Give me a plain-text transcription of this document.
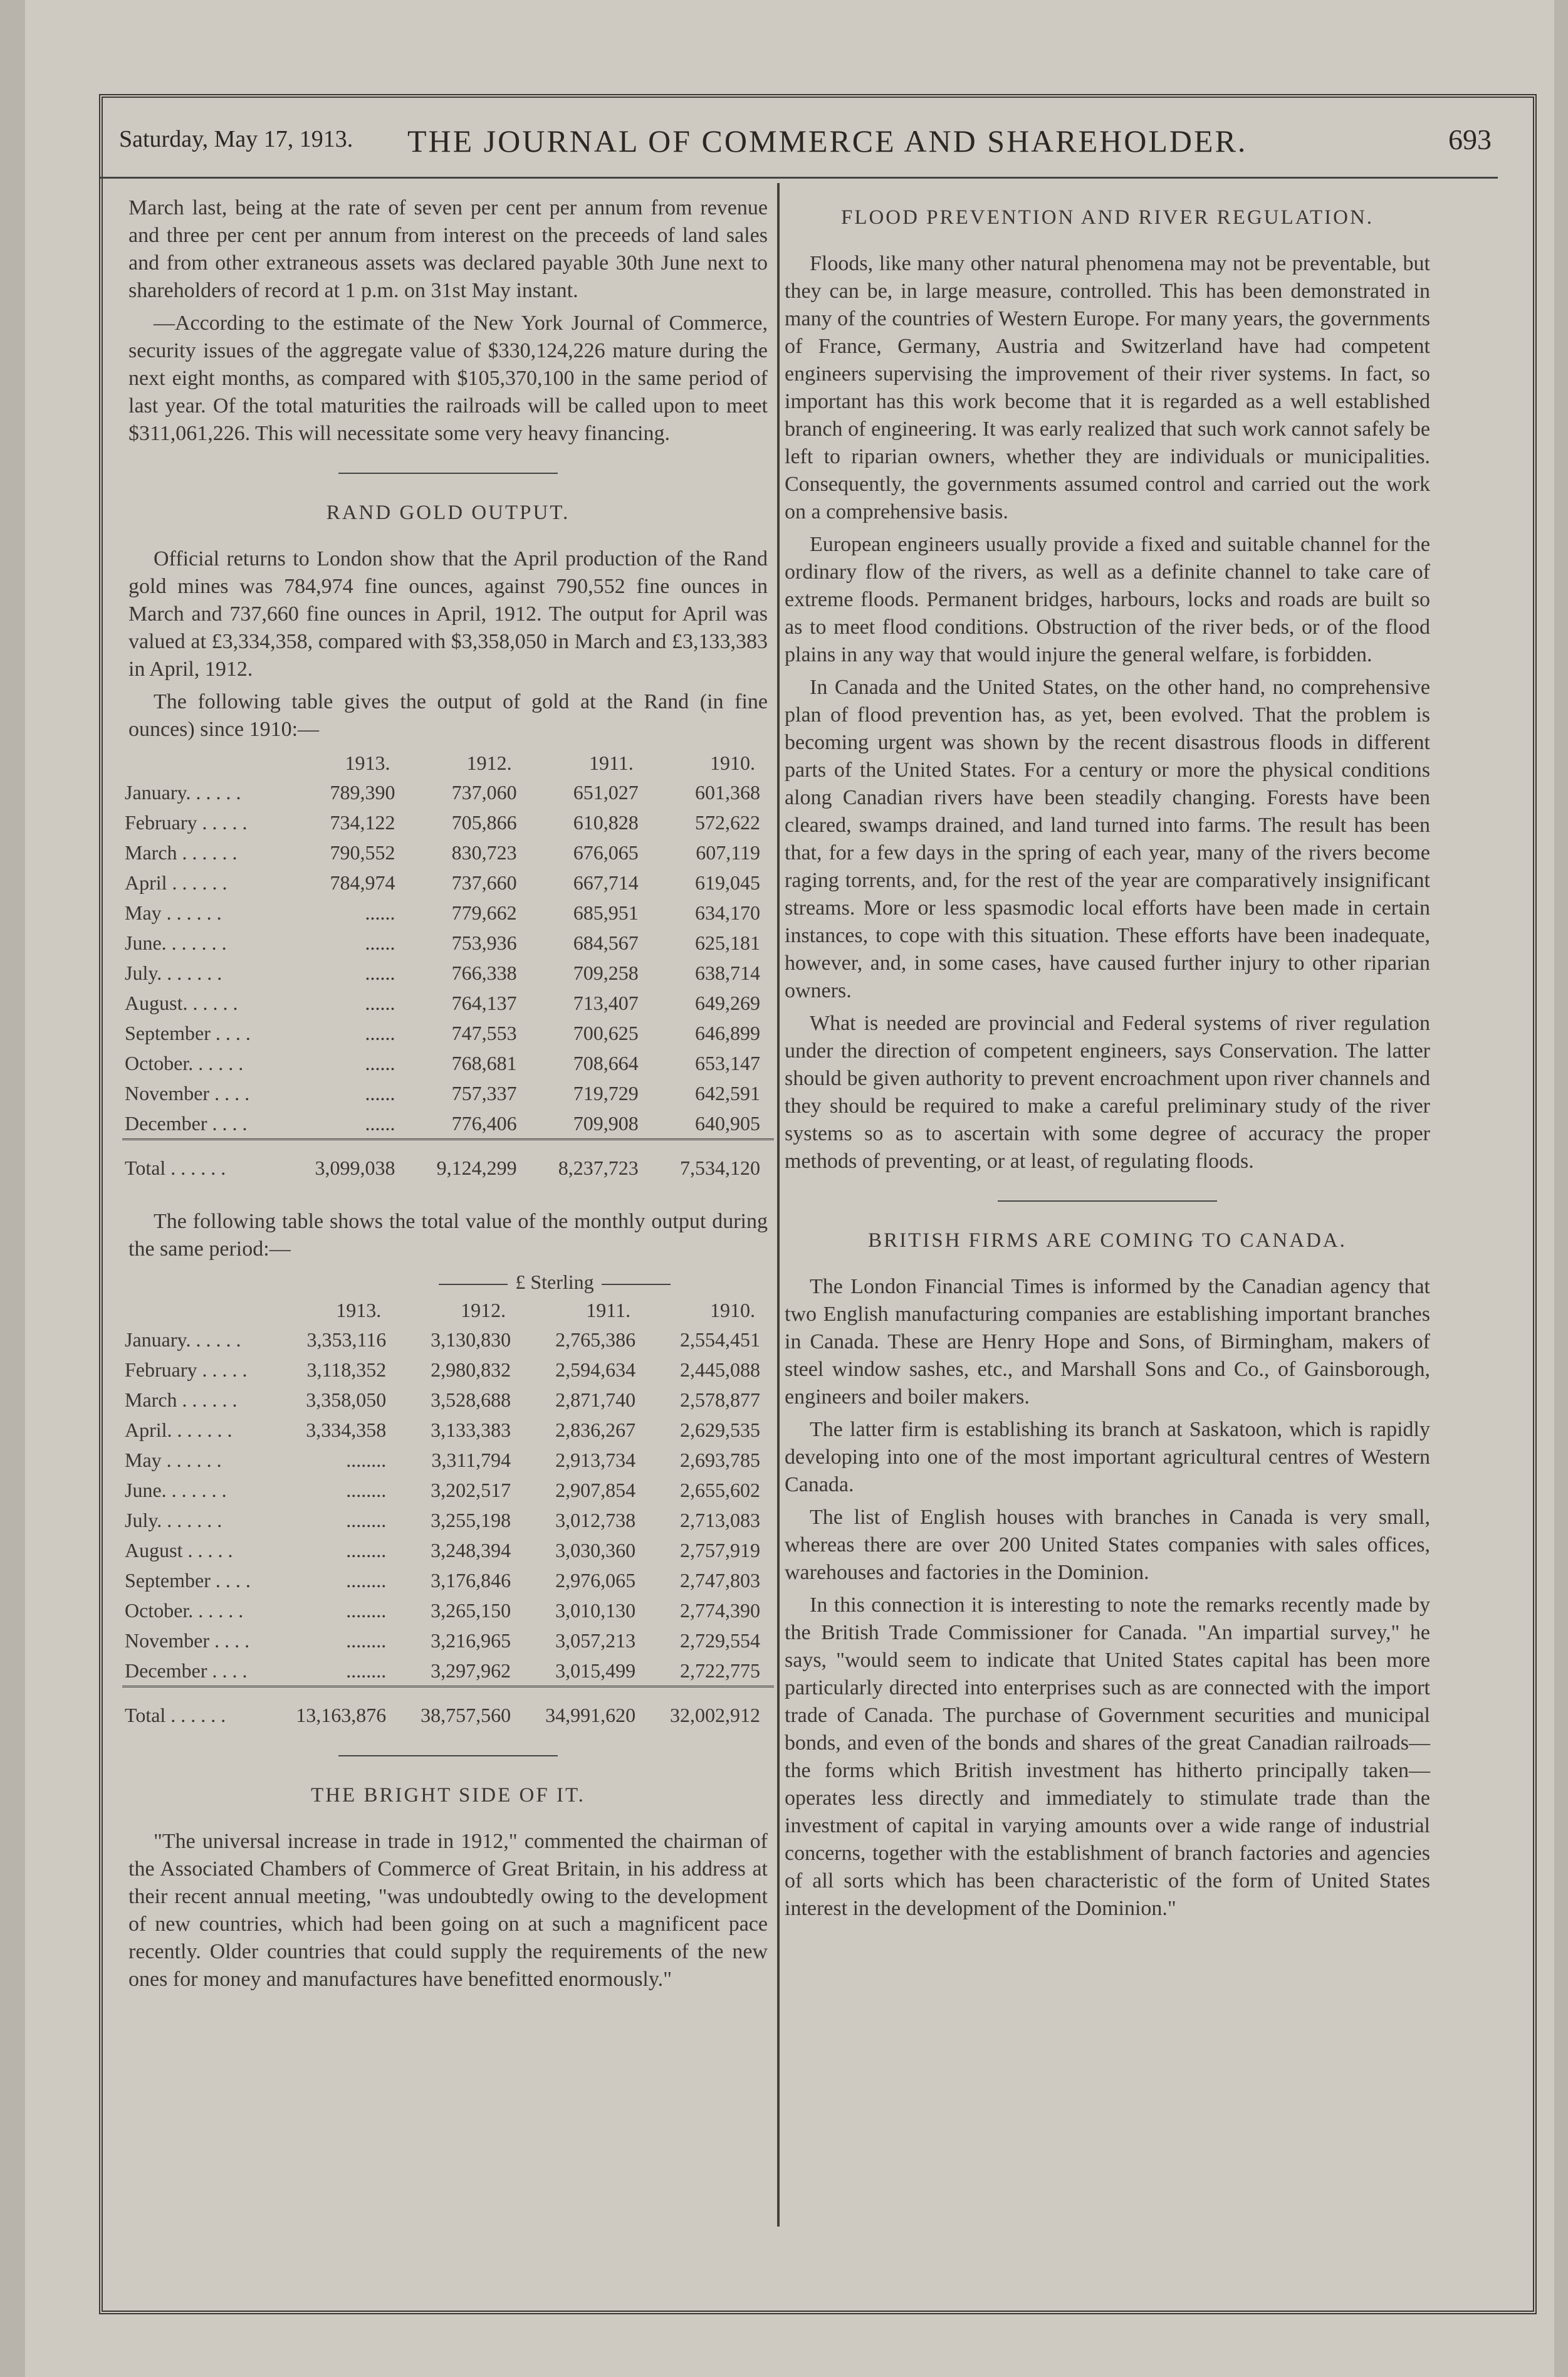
Saturday, May 17, 1913. THE JOURNAL OF COMMERCE AND SHAREHOLDER.	693

March last, being at the rate of seven per cent per annum from revenue and three per cent per annum from interest on the preceeds of land sales and from other extraneous assets was declared payable 30th June next to shareholders of record at 1 p.m. on 31st May instant.

—According to the estimate of the New York Journal of Commerce, security issues of the aggregate value of $330,124,226 mature during the next eight months, as compared with $105,370,100 in the same period of last year. Of the total maturities the railroads will be called upon to meet $311,061,226. This will necessitate some very heavy financing.

RAND GOLD OUTPUT.

Official returns to London show that the April production of the Rand gold mines was 784,974 fine ounces, against 790,552 fine ounces in March and 737,660 fine ounces in April, 1912. The output for April was valued at £3,334,358, compared with $3,358,050 in March and £3,133,383 in April, 1912.

The following table gives the output of gold at the Rand (in fine ounces) since 1910:—

	1913.	1912.	1911.	1910.
January. . . . . .	789,390	737,060	651,027	601,368
February . . . . .	734,122	705,866	610,828	572,622
March . . . . . .	790,552	830,723	676,065	607,119
April . . . . . .	784,974	737,660	667,714	619,045
May . . . . . .	......	779,662	685,951	634,170
June. . . . . . .	......	753,936	684,567	625,181
July. . . . . . .	......	766,338	709,258	638,714
August. . . . . .	......	764,137	713,407	649,269
September . . . .	......	747,553	700,625	646,899
October. . . . . .	......	768,681	708,664	653,147
November . . . .	......	757,337	719,729	642,591
December . . . .	......	776,406	709,908	640,905
Total . . . . . .	3,099,038	9,124,299	8,237,723	7,534,120

The following table shows the total value of the monthly output during the same period:—

£ Sterling
	1913.	1912.	1911.	1910.
January. . . . . .	3,353,116	3,130,830	2,765,386	2,554,451
February . . . . .	3,118,352	2,980,832	2,594,634	2,445,088
March . . . . . .	3,358,050	3,528,688	2,871,740	2,578,877
April. . . . . . .	3,334,358	3,133,383	2,836,267	2,629,535
May . . . . . .	........	3,311,794	2,913,734	2,693,785
June. . . . . . .	........	3,202,517	2,907,854	2,655,602
July. . . . . . .	........	3,255,198	3,012,738	2,713,083
August . . . . .	........	3,248,394	3,030,360	2,757,919
September . . . .	........	3,176,846	2,976,065	2,747,803
October. . . . . .	........	3,265,150	3,010,130	2,774,390
November . . . .	........	3,216,965	3,057,213	2,729,554
December . . . .	........	3,297,962	3,015,499	2,722,775
Total . . . . . .	13,163,876	38,757,560	34,991,620	32,002,912
THE BRIGHT SIDE OF IT.

"The universal increase in trade in 1912," commented the chairman of the Associated Chambers of Commerce of Great Britain, in his address at their recent annual meeting, "was undoubtedly owing to the development of new countries, which had been going on at such a magnificent pace recently. Older countries that could supply the requirements of the new ones for money and manufactures have benefitted enormously."

FLOOD PREVENTION AND RIVER REGULATION.

Floods, like many other natural phenomena may not be preventable, but they can be, in large measure, controlled. This has been demonstrated in many of the countries of Western Europe. For many years, the governments of France, Germany, Austria and Switzerland have had competent engineers supervising the improvement of their river systems. In fact, so important has this work become that it is regarded as a well established branch of engineering. It was early realized that such work cannot safely be left to riparian owners, whether they are individuals or municipalities. Consequently, the governments assumed control and carried out the work on a comprehensive basis.

European engineers usually provide a fixed and suitable channel for the ordinary flow of the rivers, as well as a definite channel to take care of extreme floods. Permanent bridges, harbours, locks and roads are built so as to meet flood conditions. Obstruction of the river beds, or of the flood plains in any way that would injure the general welfare, is forbidden.

In Canada and the United States, on the other hand, no comprehensive plan of flood prevention has, as yet, been evolved. That the problem is becoming urgent was shown by the recent disastrous floods in different parts of the United States. For a century or more the physical conditions along Canadian rivers have been steadily changing. Forests have been cleared, swamps drained, and land turned into farms. The result has been that, for a few days in the spring of each year, many of the rivers become raging torrents, and, for the rest of the year are comparatively insignificant streams. More or less spasmodic local efforts have been made in certain instances, to cope with this situation. These efforts have been inadequate, however, and, in some cases, have caused further injury to other riparian owners.

What is needed are provincial and Federal systems of river regulation under the direction of competent engineers, says Conservation. The latter should be given authority to prevent encroachment upon river channels and they should be required to make a careful preliminary study of the river systems so as to ascertain with some degree of accuracy the proper methods of preventing, or at least, of regulating floods.

BRITISH FIRMS ARE COMING TO CANADA.

The London Financial Times is informed by the Canadian agency that two English manufacturing companies are establishing important branches in Canada. These are Henry Hope and Sons, of Birmingham, makers of steel window sashes, etc., and Marshall Sons and Co., of Gainsborough, engineers and boiler makers.

The latter firm is establishing its branch at Saskatoon, which is rapidly developing into one of the most important agricultural centres of Western Canada.

The list of English houses with branches in Canada is very small, whereas there are over 200 United States companies with sales offices, warehouses and factories in the Dominion.

In this connection it is interesting to note the remarks recently made by the British Trade Commissioner for Canada. "An impartial survey," he says, "would seem to indicate that United States capital has been more particularly directed into enterprises such as are connected with the import trade of Canada. The purchase of Government securities and municipal bonds, and even of the bonds and shares of the great Canadian railroads—the forms which British investment has hitherto principally taken—operates less directly and immediately to stimulate trade than the investment of capital in varying amounts over a wide range of industrial concerns, together with the establishment of branch factories and agencies of all sorts which has been characteristic of the form of United States interest in the development of the Dominion."
